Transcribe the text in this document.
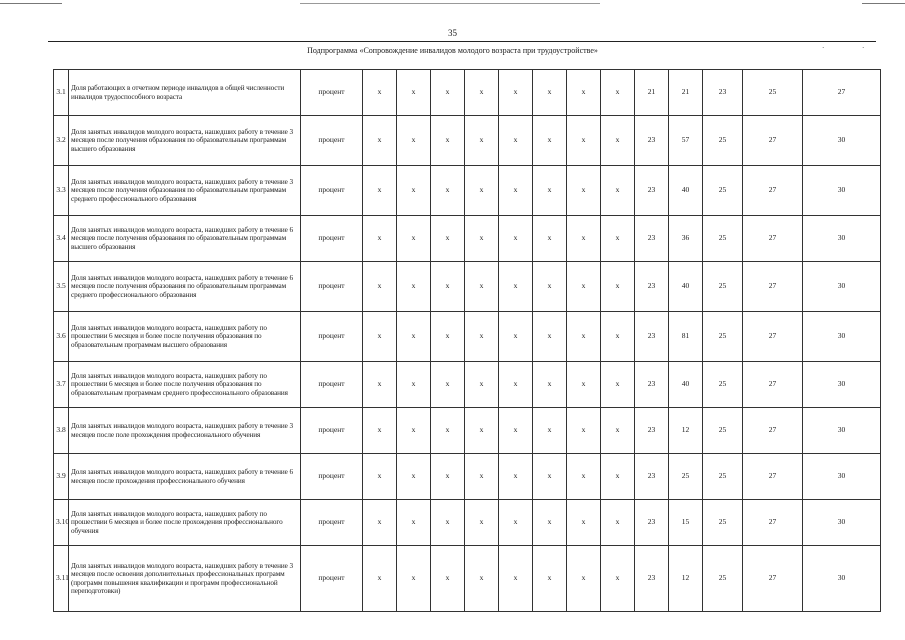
35
Подпрограмма «Сопровождение инвалидов молодого возраста при трудоустройстве»	·	·
3.1	Доля работающих в отчетном периоде инвалидов в общей численности инвалидов трудоспособного возраста	процент	x	x	x	x	x	x	x	x	21	21	23	25	27
3.2	Доля занятых инвалидов молодого возраста, нашедших работу в течение 3 месяцев после получения образования по образовательным программам высшего образования	процент	x	x	x	x	x	x	x	x	23	57	25	27	30
3.3	Доля занятых инвалидов молодого возраста, нашедших работу в течение 3 месяцев после получения образования по образовательным программам среднего профессионального образования	процент	x	x	x	x	x	x	x	x	23	40	25	27	30
3.4	Доля занятых инвалидов молодого возраста, нашедших работу в течение 6 месяцев после получения образования по образовательным программам высшего образования	процент	x	x	x	x	x	x	x	x	23	36	25	27	30
3.5	Доля занятых инвалидов молодого возраста, нашедших работу в течение 6 месяцев после получения образования по образовательным программам среднего профессионального образования	процент	x	x	x	x	x	x	x	x	23	40	25	27	30
3.6	Доля занятых инвалидов молодого возраста, нашедших работу по прошествии 6 месяцев и более после получения образования по образовательным программам высшего образования	процент	x	x	x	x	x	x	x	x	23	81	25	27	30
3.7	Доля занятых инвалидов молодого возраста, нашедших работу по прошествии 6 месяцев и более после получения образования по образовательным программам среднего профессионального образования	процент	x	x	x	x	x	x	x	x	23	40	25	27	30
3.8	Доля занятых инвалидов молодого возраста, нашедших работу в течение 3 месяцев после поле прохождения профессионального обучения	процент	x	x	x	x	x	x	x	x	23	12	25	27	30
3.9	Доля занятых инвалидов молодого возраста, нашедших работу в течение 6 месяцев после прохождения профессионального обучения	процент	x	x	x	x	x	x	x	x	23	25	25	27	30
3.10	Доля занятых инвалидов молодого возраста, нашедших работу по прошествии 6 месяцев и более после прохождения профессионального обучения	процент	x	x	x	x	x	x	x	x	23	15	25	27	30
3.11	Доля занятых инвалидов молодого возраста, нашедших работу в течение 3 месяцев после освоения дополнительных профессиональных программ (программ повышения квалификации и программ профессиональной переподготовки)	процент	x	x	x	x	x	x	x	x	23	12	25	27	30
